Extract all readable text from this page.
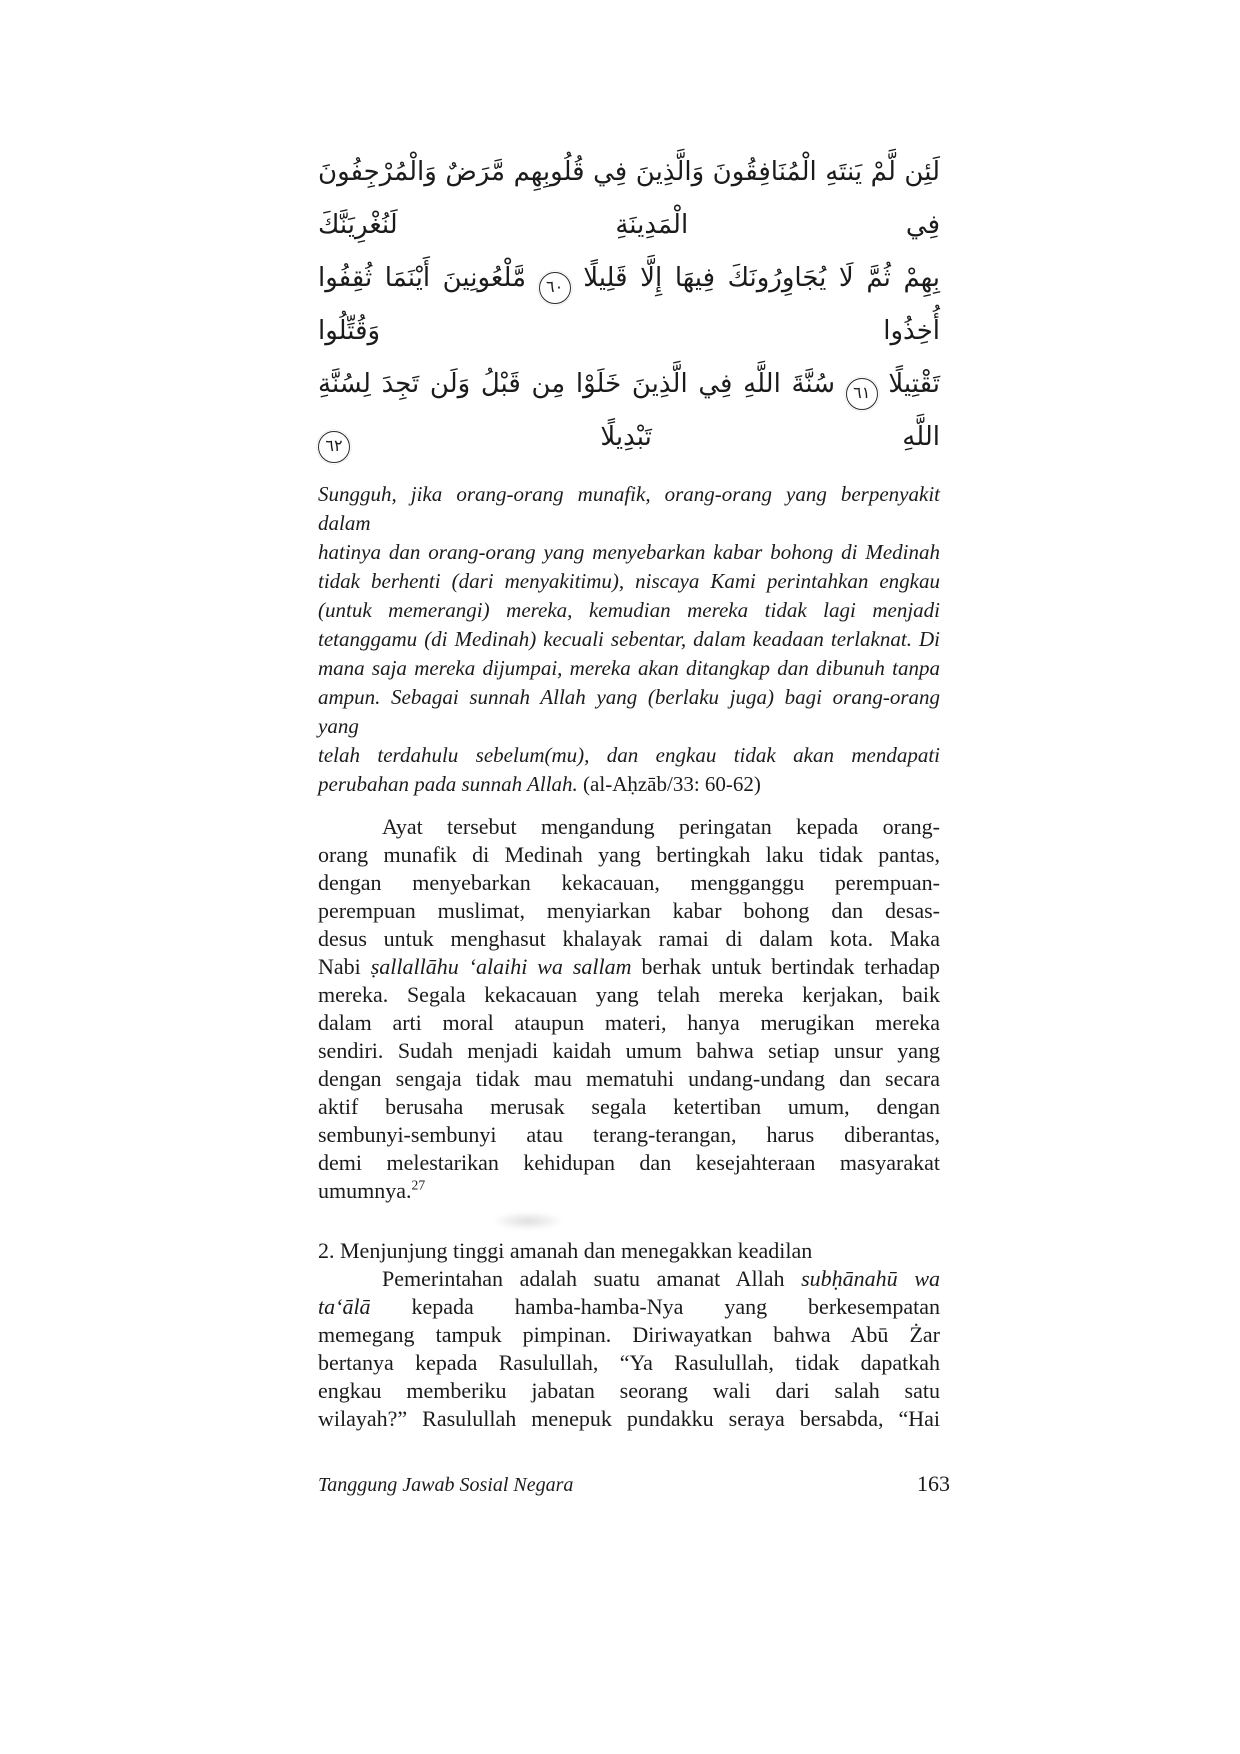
لَئِن لَّمْ يَنتَهِ الْمُنَافِقُونَ وَالَّذِينَ فِي قُلُوبِهِم مَّرَضٌ وَالْمُرْجِفُونَ فِي الْمَدِينَةِ لَنُغْرِيَنَّكَ
بِهِمْ ثُمَّ لَا يُجَاوِرُونَكَ فِيهَا إِلَّا قَلِيلًا ٦٠ مَّلْعُونِينَ أَيْنَمَا ثُقِفُوا أُخِذُوا وَقُتِّلُوا
تَقْتِيلًا ٦١ سُنَّةَ اللَّهِ فِي الَّذِينَ خَلَوْا مِن قَبْلُ وَلَن تَجِدَ لِسُنَّةِ اللَّهِ تَبْدِيلًا ٦٢
Sungguh, jika orang-orang munafik, orang-orang yang berpenyakit dalam
hatinya dan orang-orang yang menyebarkan kabar bohong di Medinah
tidak berhenti (dari menyakitimu), niscaya Kami perintahkan engkau
(untuk memerangi) mereka, kemudian mereka tidak lagi menjadi
tetanggamu (di Medinah) kecuali sebentar, dalam keadaan terlaknat. Di
mana saja mereka dijumpai, mereka akan ditangkap dan dibunuh tanpa
ampun. Sebagai sunnah Allah yang (berlaku juga) bagi orang-orang yang
telah terdahulu sebelum(mu), dan engkau tidak akan mendapati
perubahan pada sunnah Allah. (al-Aḥzāb/33: 60-62)
Ayat tersebut mengandung peringatan kepada orang-
orang munafik di Medinah yang bertingkah laku tidak pantas,
dengan menyebarkan kekacauan, mengganggu perempuan-
perempuan muslimat, menyiarkan kabar bohong dan desas-
desus untuk menghasut khalayak ramai di dalam kota. Maka
Nabi ṣallallāhu ‘alaihi wa sallam berhak untuk bertindak terhadap
mereka. Segala kekacauan yang telah mereka kerjakan, baik
dalam arti moral ataupun materi, hanya merugikan mereka
sendiri. Sudah menjadi kaidah umum bahwa setiap unsur yang
dengan sengaja tidak mau mematuhi undang-undang dan secara
aktif berusaha merusak segala ketertiban umum, dengan
sembunyi-sembunyi atau terang-terangan, harus diberantas,
demi melestarikan kehidupan dan kesejahteraan masyarakat
umumnya.$^{27}$
2. Menjunjung tinggi amanah dan menegakkan keadilan
Pemerintahan adalah suatu amanat Allah subḥānahū wa
ta‘ālā kepada hamba-hamba-Nya yang berkesempatan
memegang tampuk pimpinan. Diriwayatkan bahwa Abū Żar
bertanya kepada Rasulullah, “Ya Rasulullah, tidak dapatkah
engkau memberiku jabatan seorang wali dari salah satu
wilayah?” Rasulullah menepuk pundakku seraya bersabda, “Hai
Tanggung Jawab Sosial Negara	163
